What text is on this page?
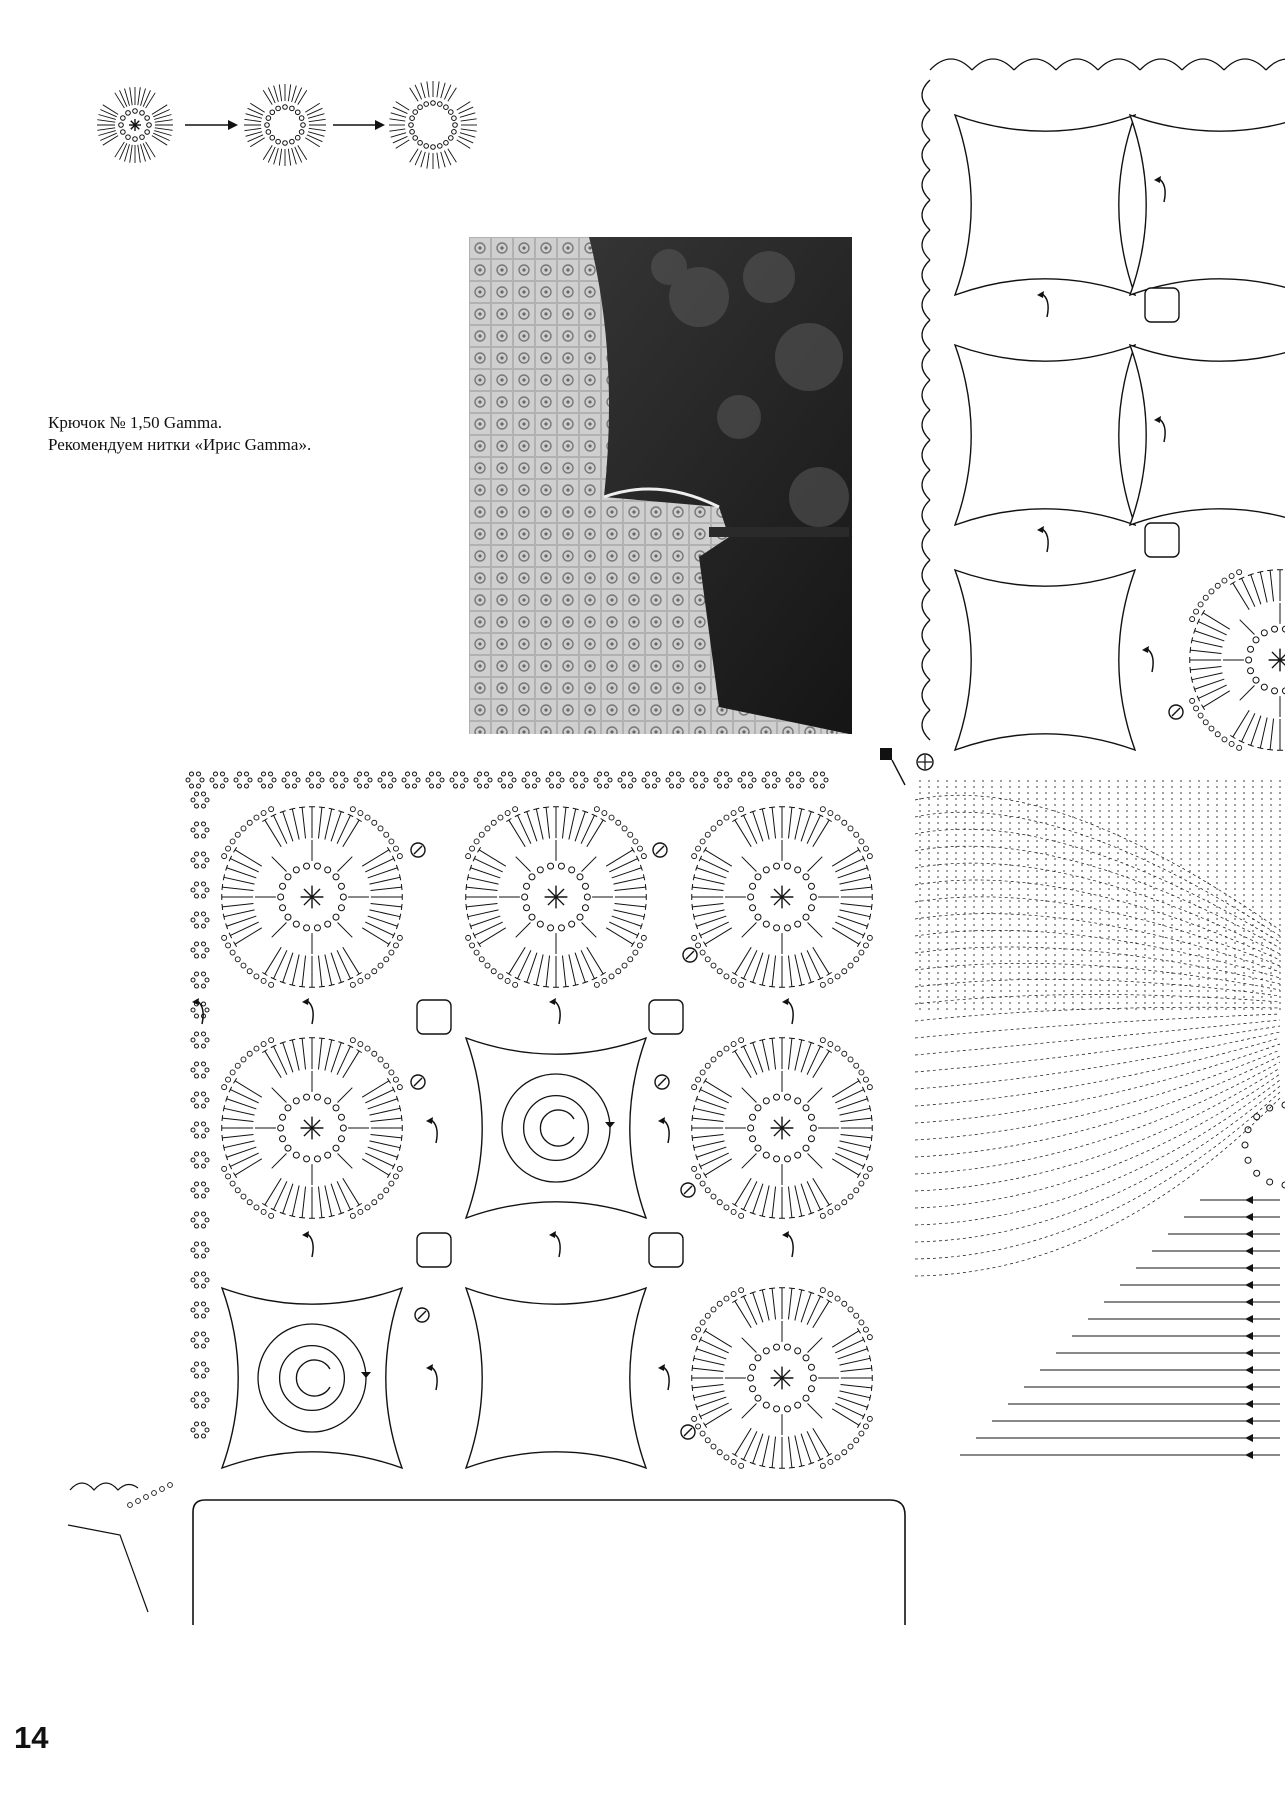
Крючок № 1,50 Gamma.
Рекомендуем нитки «Ирис Gamma».
14
